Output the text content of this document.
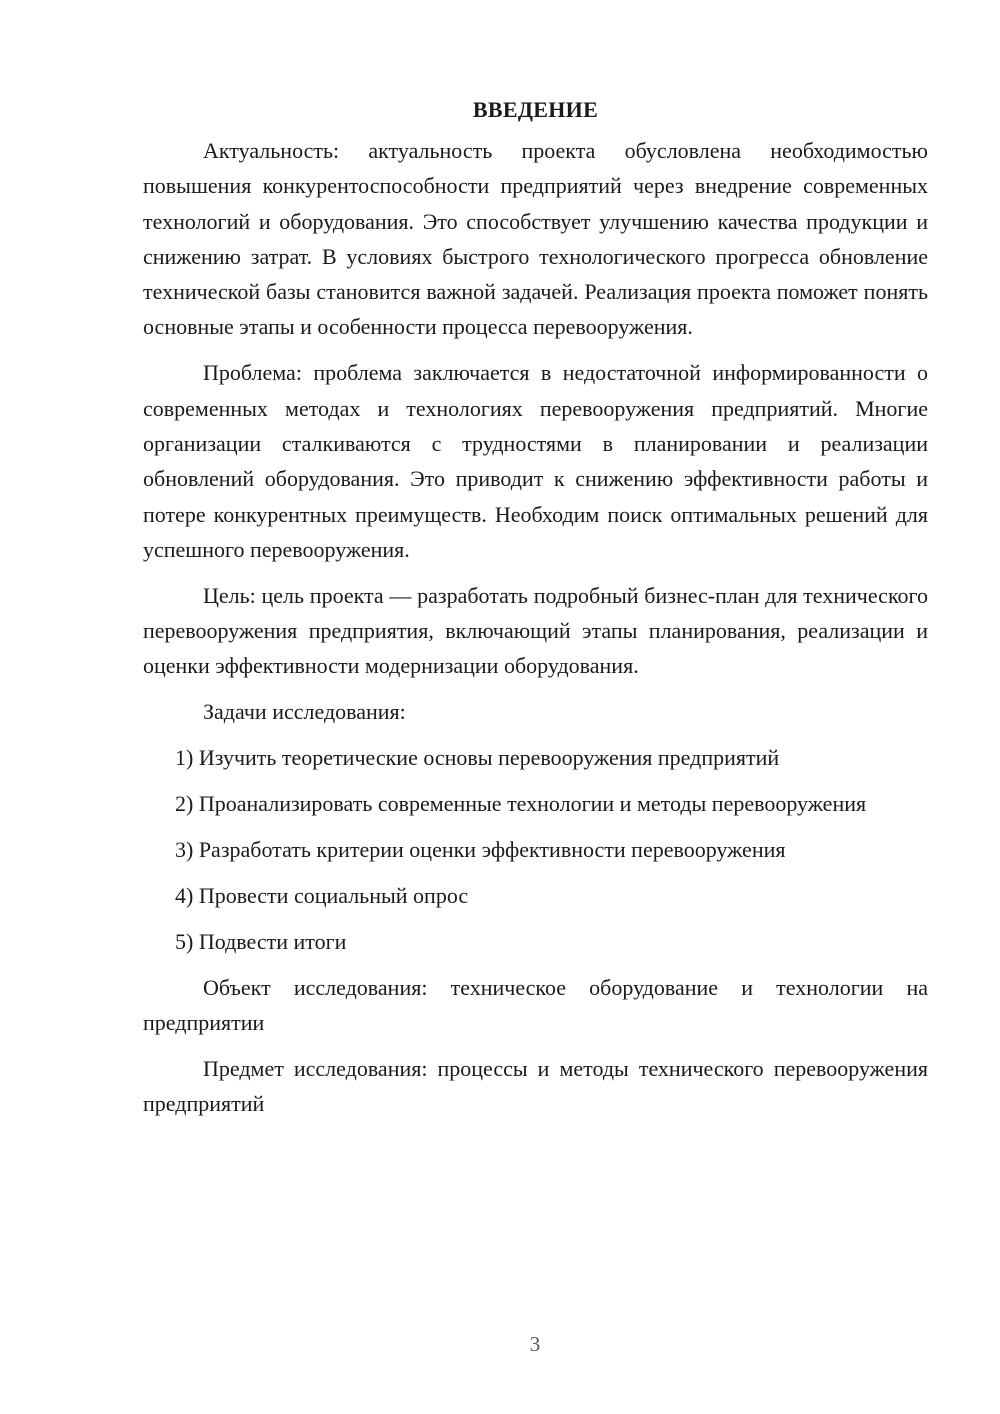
ВВЕДЕНИЕ

Актуальность: актуальность проекта обусловлена необходимостью повышения конкурентоспособности предприятий через внедрение современных технологий и оборудования. Это способствует улучшению качества продукции и снижению затрат. В условиях быстрого технологического прогресса обновление технической базы становится важной задачей. Реализация проекта поможет понять основные этапы и особенности процесса перевооружения.

Проблема: проблема заключается в недостаточной информированности о современных методах и технологиях перевооружения предприятий. Многие организации сталкиваются с трудностями в планировании и реализации обновлений оборудования. Это приводит к снижению эффективности работы и потере конкурентных преимуществ. Необходим поиск оптимальных решений для успешного перевооружения.

Цель: цель проекта — разработать подробный бизнес-план для технического перевооружения предприятия, включающий этапы планирования, реализации и оценки эффективности модернизации оборудования.

Задачи исследования:

1) Изучить теоретические основы перевооружения предприятий

2) Проанализировать современные технологии и методы перевооружения

3) Разработать критерии оценки эффективности перевооружения

4) Провести социальный опрос

5) Подвести итоги

Объект исследования: техническое оборудование и технологии на предприятии

Предмет исследования: процессы и методы технического перевооружения предприятий

3
